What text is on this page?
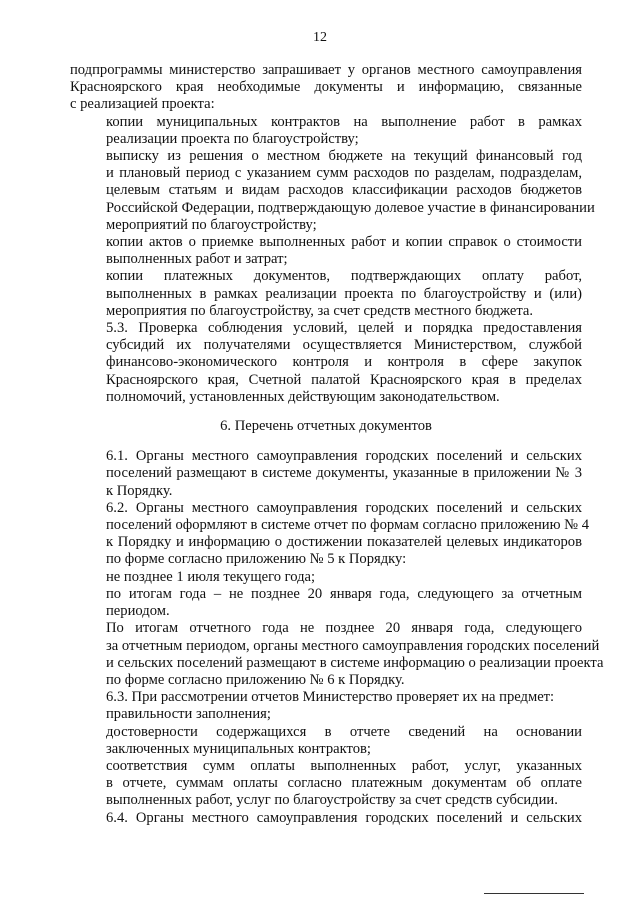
12
подпрограммы министерство запрашивает у органов местного самоуправления
Красноярского края необходимые документы и информацию, связанные
с реализацией проекта:
копии муниципальных контрактов на выполнение работ в рамках
реализации проекта по благоустройству;
выписку из решения о местном бюджете на текущий финансовый год
и плановый период с указанием сумм расходов по разделам, подразделам,
целевым статьям и видам расходов классификации расходов бюджетов
Российской Федерации, подтверждающую долевое участие в финансировании
мероприятий по благоустройству;
копии актов о приемке выполненных работ и копии справок о стоимости
выполненных работ и затрат;
копии платежных документов, подтверждающих оплату работ,
выполненных в рамках реализации проекта по благоустройству и (или)
мероприятия по благоустройству, за счет средств местного бюджета.
5.3. Проверка соблюдения условий, целей и порядка предоставления
субсидий их получателями осуществляется Министерством, службой
финансово-экономического контроля и контроля в сфере закупок
Красноярского края, Счетной палатой Красноярского края в пределах
полномочий, установленных действующим законодательством.
6. Перечень отчетных документов
6.1. Органы местного самоуправления городских поселений и сельских
поселений размещают в системе документы, указанные в приложении № 3
к Порядку.
6.2. Органы местного самоуправления городских поселений и сельских
поселений оформляют в системе отчет по формам согласно приложению № 4
к Порядку и информацию о достижении показателей целевых индикаторов
по форме согласно приложению № 5 к Порядку:
не позднее 1 июля текущего года;
по итогам года – не позднее 20 января года, следующего за отчетным
периодом.
По итогам отчетного года не позднее 20 января года, следующего
за отчетным периодом, органы местного самоуправления городских поселений
и сельских поселений размещают в системе информацию о реализации проекта
по форме согласно приложению № 6 к Порядку.
6.3. При рассмотрении отчетов Министерство проверяет их на предмет:
правильности заполнения;
достоверности содержащихся в отчете сведений на основании
заключенных муниципальных контрактов;
соответствия сумм оплаты выполненных работ, услуг, указанных
в отчете, суммам оплаты согласно платежным документам об оплате
выполненных работ, услуг по благоустройству за счет средств субсидии.
6.4. Органы местного самоуправления городских поселений и сельских
